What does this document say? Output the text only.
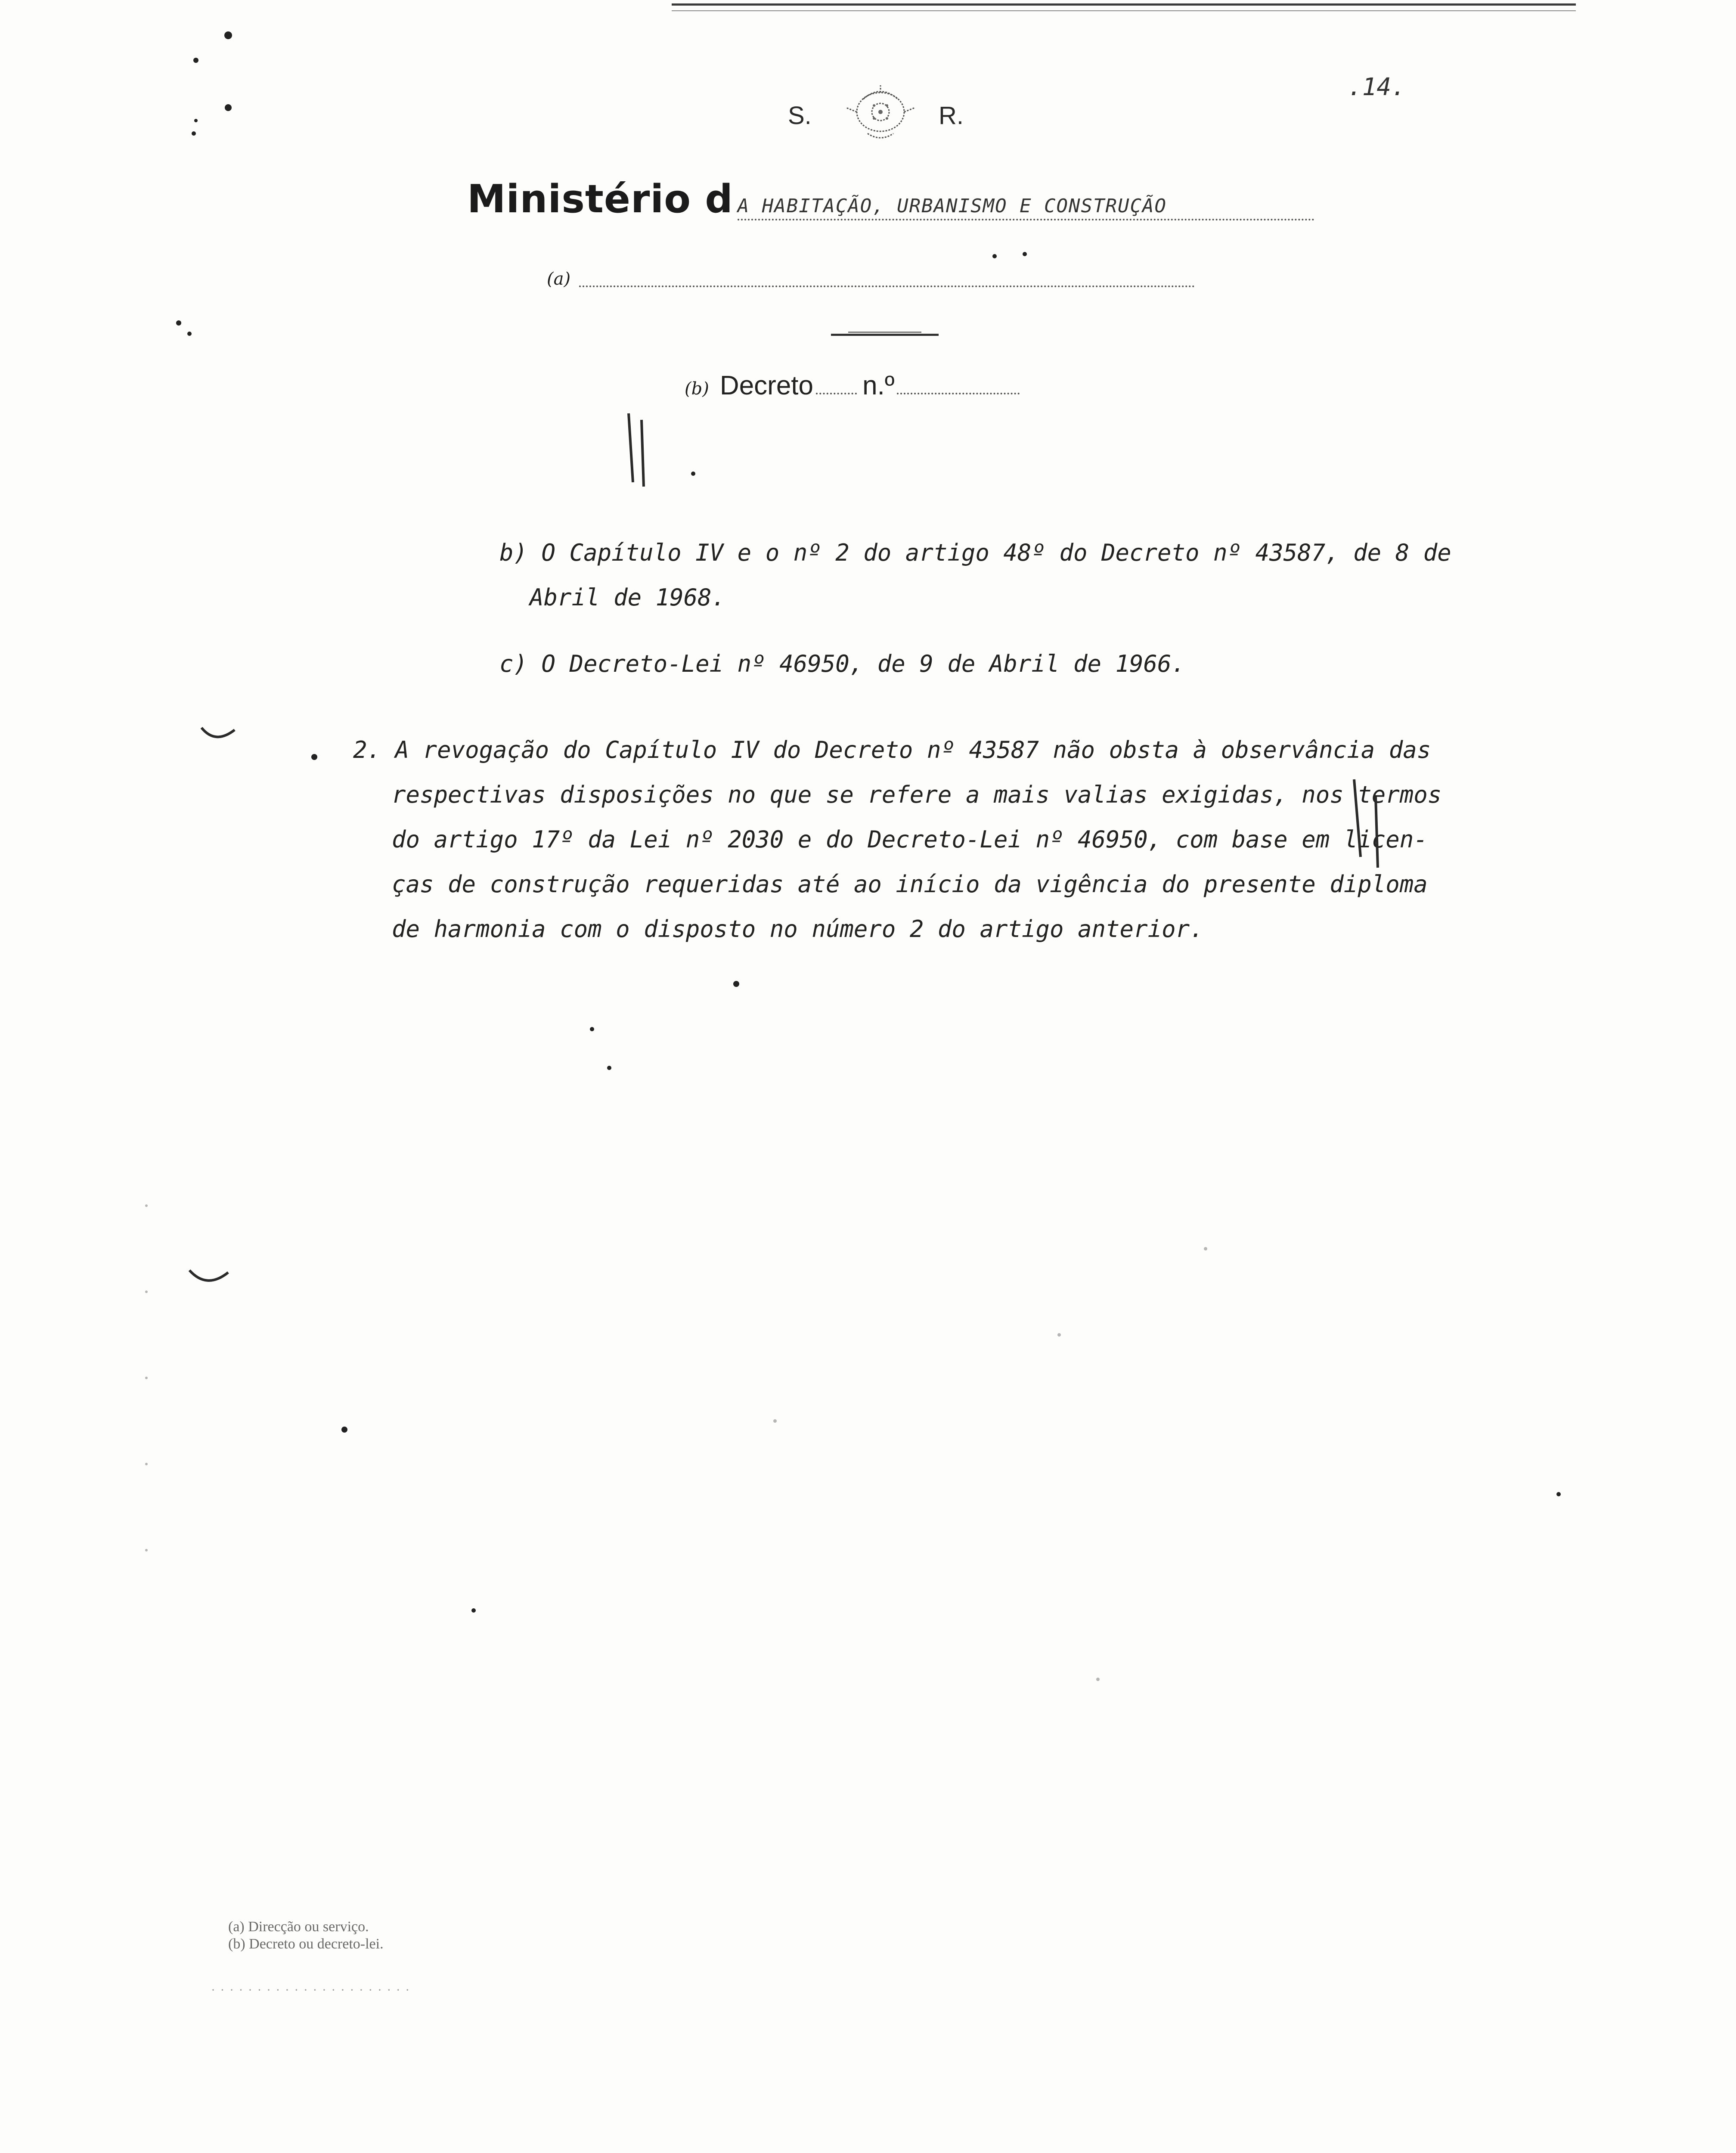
.14.
S.	R.
Ministério d A HABITAÇÃO, URBANISMO E CONSTRUÇÃO
(a)
(b) Decreto n.º
b) O Capítulo IV e o nº 2 do artigo 48º do Decreto nº 43587, de 8 de
Abril de 1968.
c) O Decreto-Lei nº 46950, de 9 de Abril de 1966.
2. A revogação do Capítulo IV do Decreto nº 43587 não obsta à observância das
respectivas disposições no que se refere a mais valias exigidas, nos termos
do artigo 17º da Lei nº 2030 e do Decreto-Lei nº 46950, com base em licen-
ças de construção requeridas até ao início da vigência do presente diploma
de harmonia com o disposto no número 2 do artigo anterior.
(a) Direcção ou serviço.
(b) Decreto ou decreto-lei.
· · · · · · · · · · · · · · · · · · · · · ·
